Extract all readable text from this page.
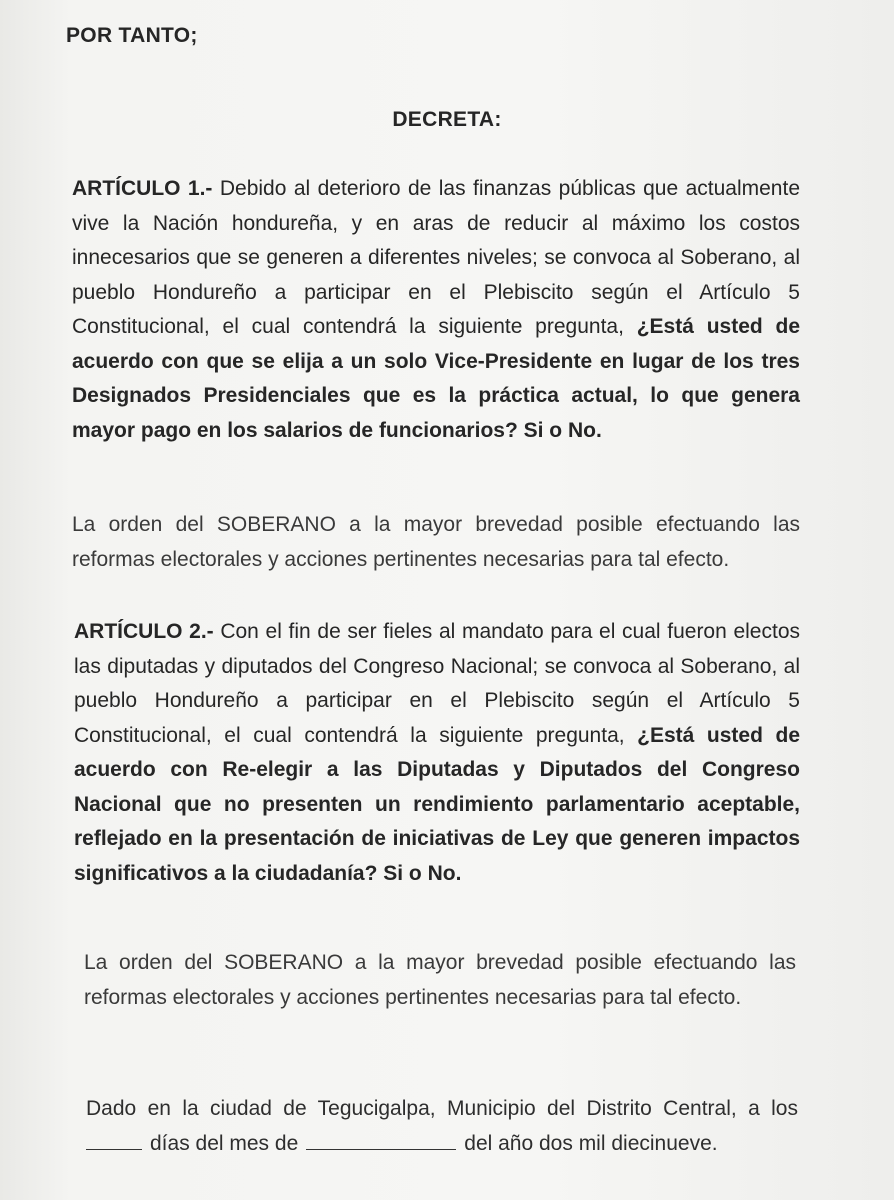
POR TANTO;
DECRETA:
ARTÍCULO 1.- Debido al deterioro de las finanzas públicas que actualmente vive la Nación hondureña, y en aras de reducir al máximo los costos innecesarios que se generen a diferentes niveles; se convoca al Soberano, al pueblo Hondureño a participar en el Plebiscito según el Artículo 5 Constitucional, el cual contendrá la siguiente pregunta, ¿Está usted de acuerdo con que se elija a un solo Vice-Presidente en lugar de los tres Designados Presidenciales que es la práctica actual, lo que genera mayor pago en los salarios de funcionarios? Si o No.
La orden del SOBERANO a la mayor brevedad posible efectuando las reformas electorales y acciones pertinentes necesarias para tal efecto.
ARTÍCULO 2.- Con el fin de ser fieles al mandato para el cual fueron electos las diputadas y diputados del Congreso Nacional; se convoca al Soberano, al pueblo Hondureño a participar en el Plebiscito según el Artículo 5 Constitucional, el cual contendrá la siguiente pregunta, ¿Está usted de acuerdo con Re-elegir a las Diputadas y Diputados del Congreso Nacional que no presenten un rendimiento parlamentario aceptable, reflejado en la presentación de iniciativas de Ley que generen impactos significativos a la ciudadanía? Si o No.
La orden del SOBERANO a la mayor brevedad posible efectuando las reformas electorales y acciones pertinentes necesarias para tal efecto.
Dado en la ciudad de Tegucigalpa, Municipio del Distrito Central, a los días del mes de	del año dos mil diecinueve.
